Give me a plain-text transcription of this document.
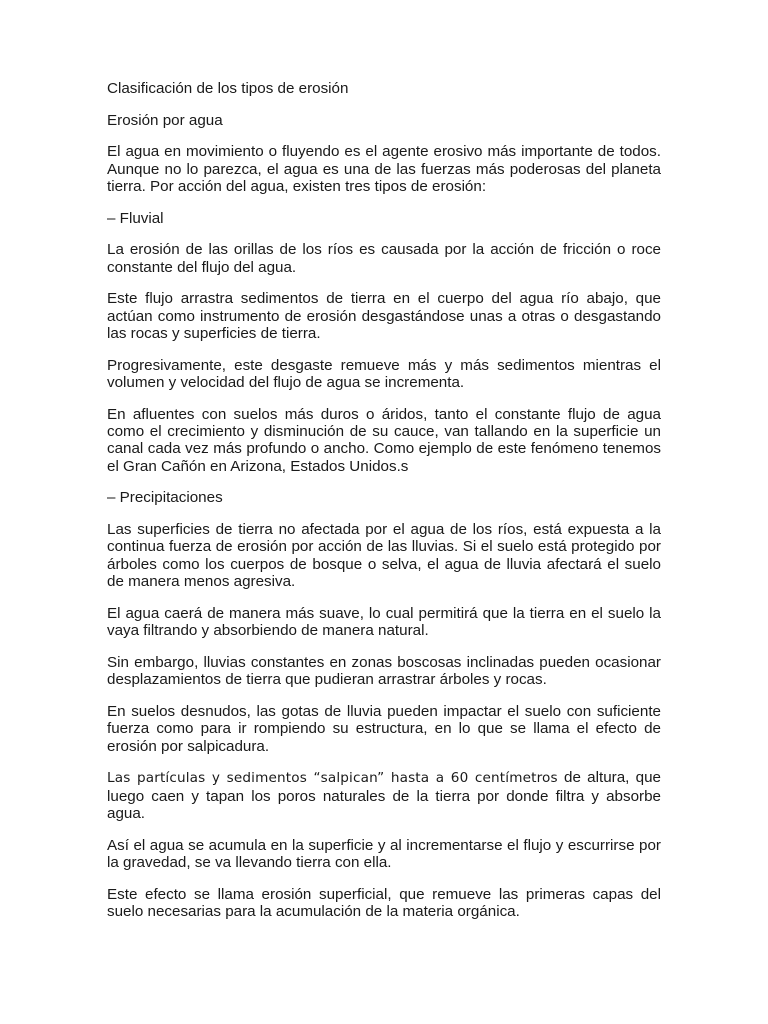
Clasificación de los tipos de erosión

Erosión por agua

El agua en movimiento o fluyendo es el agente erosivo más importante de todos. Aunque no lo parezca, el agua es una de las fuerzas más poderosas del planeta tierra. Por acción del agua, existen tres tipos de erosión:

– Fluvial

La erosión de las orillas de los ríos es causada por la acción de fricción o roce constante del flujo del agua.

Este flujo arrastra sedimentos de tierra en el cuerpo del agua río abajo, que actúan como instrumento de erosión desgastándose unas a otras o desgastando las rocas y superficies de tierra.

Progresivamente, este desgaste remueve más y más sedimentos mientras el volumen y velocidad del flujo de agua se incrementa.

En afluentes con suelos más duros o áridos, tanto el constante flujo de agua como el crecimiento y disminución de su cauce, van tallando en la superficie un canal cada vez más profundo o ancho. Como ejemplo de este fenómeno tenemos el Gran Cañón en Arizona, Estados Unidos.s

– Precipitaciones

Las superficies de tierra no afectada por el agua de los ríos, está expuesta a la continua fuerza de erosión por acción de las lluvias. Si el suelo está protegido por árboles como los cuerpos de bosque o selva, el agua de lluvia afectará el suelo de manera menos agresiva.

El agua caerá de manera más suave, lo cual permitirá que la tierra en el suelo la vaya filtrando y absorbiendo de manera natural.

Sin embargo, lluvias constantes en zonas boscosas inclinadas pueden ocasionar desplazamientos de tierra que pudieran arrastrar árboles y rocas.

En suelos desnudos, las gotas de lluvia pueden impactar el suelo con suficiente fuerza como para ir rompiendo su estructura, en lo que se llama el efecto de erosión por salpicadura.

Las partículas y sedimentos “salpican” hasta a 60 centímetros de altura, que luego caen y tapan los poros naturales de la tierra por donde filtra y absorbe agua.

Así el agua se acumula en la superficie y al incrementarse el flujo y escurrirse por la gravedad, se va llevando tierra con ella.

Este efecto se llama erosión superficial, que remueve las primeras capas del suelo necesarias para la acumulación de la materia orgánica.
